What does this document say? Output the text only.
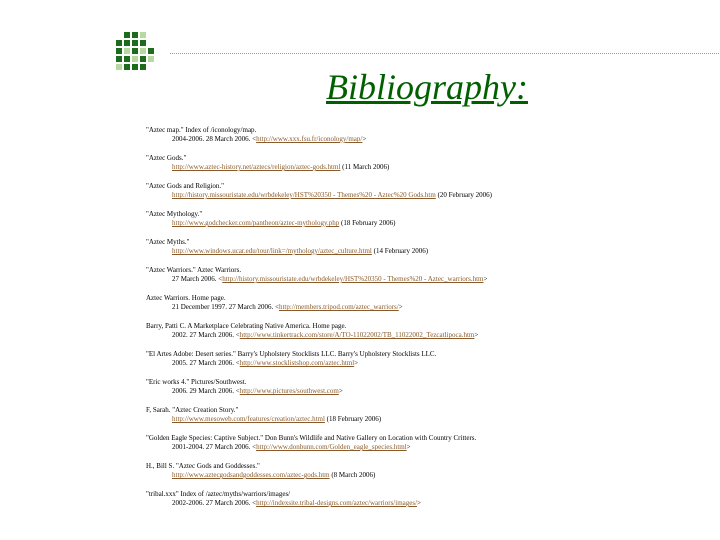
Bibliography:
"Aztec map." Index of /iconology/map.
2004-2006. 28 March 2006. <http://www.xxx.fsu.fr/iconology/map/>
"Aztec Gods."
http://www.aztec-history.net/aztecs/religion/aztec-gods.html (11 March 2006)
"Aztec Gods and Religion."
http://history.missouristate.edu/wrbdekeley/HST%20350 - Themes%20 - Aztec%20 Gods.htm (20 February 2006)
"Aztec Mythology."
http://www.godchecker.com/pantheon/aztec-mythology.php (18 February 2006)
"Aztec Myths."
http://www.windows.ucar.edu/tour/link=/mythology/aztec_culture.html (14 February 2006)
"Aztec Warriors." Aztec Warriors.
27 March 2006. <http://history.missouristate.edu/wrbdekeley/HST%20350 - Themes%20 - Aztec_warriors.htm>
Aztec Warriors. Home page.
21 December 1997. 27 March 2006. <http://members.tripod.com/aztec_warriors/>
Barry, Patti C. A Marketplace Celebrating Native America. Home page.
2002. 27 March 2006. <http://www.tinkertrack.com/store/A/TO-11022002/TB_11022002_Tezcatlipoca.htm>
"El Artes Adobe: Desert series." Barry's Upholstery Stocklists LLC. Barry's Upholstery Stocklists LLC.
2005. 27 March 2006. <http://www.stocklistshop.com/aztec.html>
"Eric works 4." Pictures/Southwest.
2006. 29 March 2006. <http://www.pictures/southwest.com>
F, Sarah. "Aztec Creation Story."
http://www.mesoweb.com/features/creation/aztec.html (18 February 2006)
"Golden Eagle Species: Captive Subject." Don Bunn's Wildlife and Native Gallery on Location with Country Critters.
2001-2004. 27 March 2006. <http://www.donbunn.com/Golden_eagle_species.html>
H., Bill S. "Aztec Gods and Goddesses."
http://www.aztecgodsandgoddesses.com/aztec-gods.htm (8 March 2006)
"tribal.xxx" Index of /aztec/myths/warriors/images/
2002-2006. 27 March 2006. <http://indexsite.tribal-designs.com/aztec/warriors/images/>
